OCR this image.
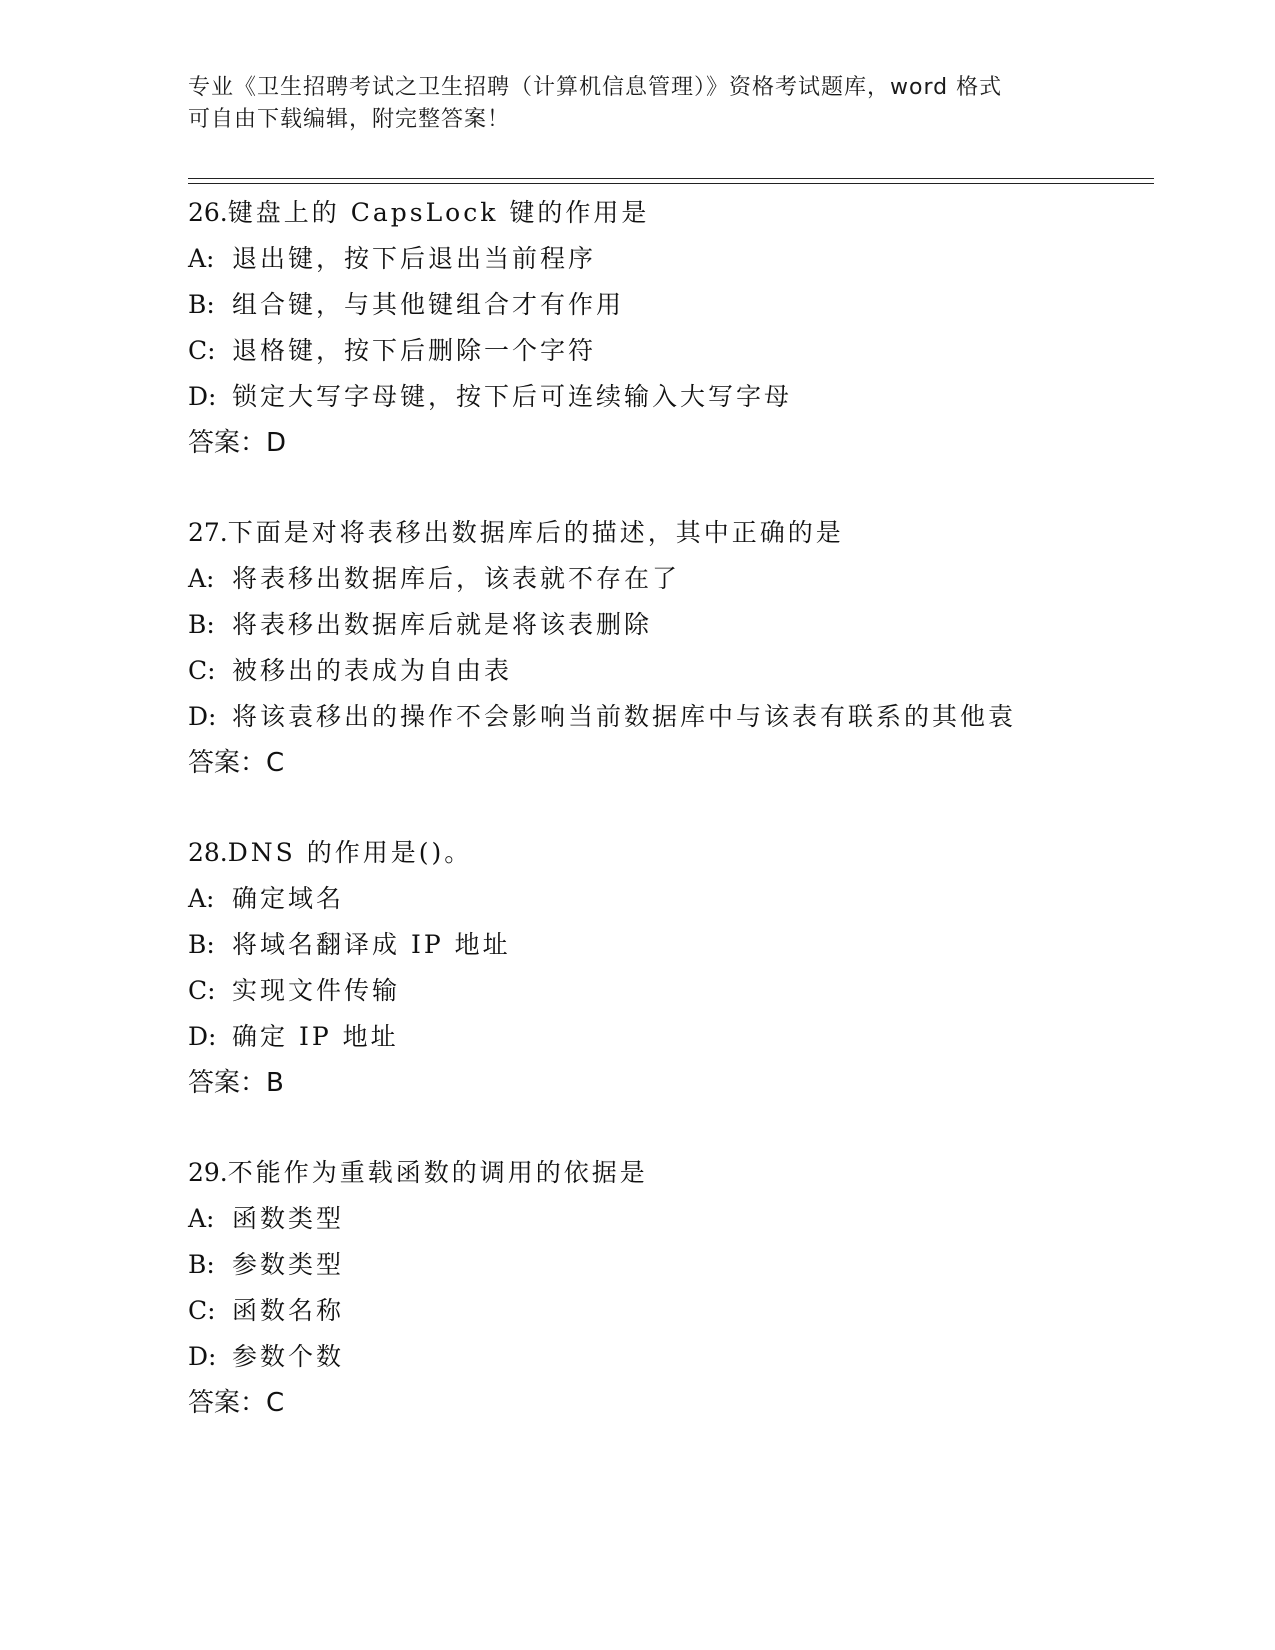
专业《卫生招聘考试之卫生招聘（计算机信息管理）》资格考试题库，word 格式
可自由下载编辑，附完整答案！
26.键盘上的 CapsLock 键的作用是
A: 退出键，按下后退出当前程序
B: 组合键，与其他键组合才有作用
C: 退格键，按下后删除一个字符
D: 锁定大写字母键，按下后可连续输入大写字母
答案：D
27.下面是对将表移出数据库后的描述，其中正确的是
A: 将表移出数据库后，该表就不存在了
B: 将表移出数据库后就是将该表删除
C: 被移出的表成为自由表
D: 将该袁移出的操作不会影响当前数据库中与该表有联系的其他袁
答案：C
28.DNS 的作用是()。
A: 确定域名
B: 将域名翻译成 IP 地址
C: 实现文件传输
D: 确定 IP 地址
答案：B
29.不能作为重载函数的调用的依据是
A: 函数类型
B: 参数类型
C: 函数名称
D: 参数个数
答案：C
